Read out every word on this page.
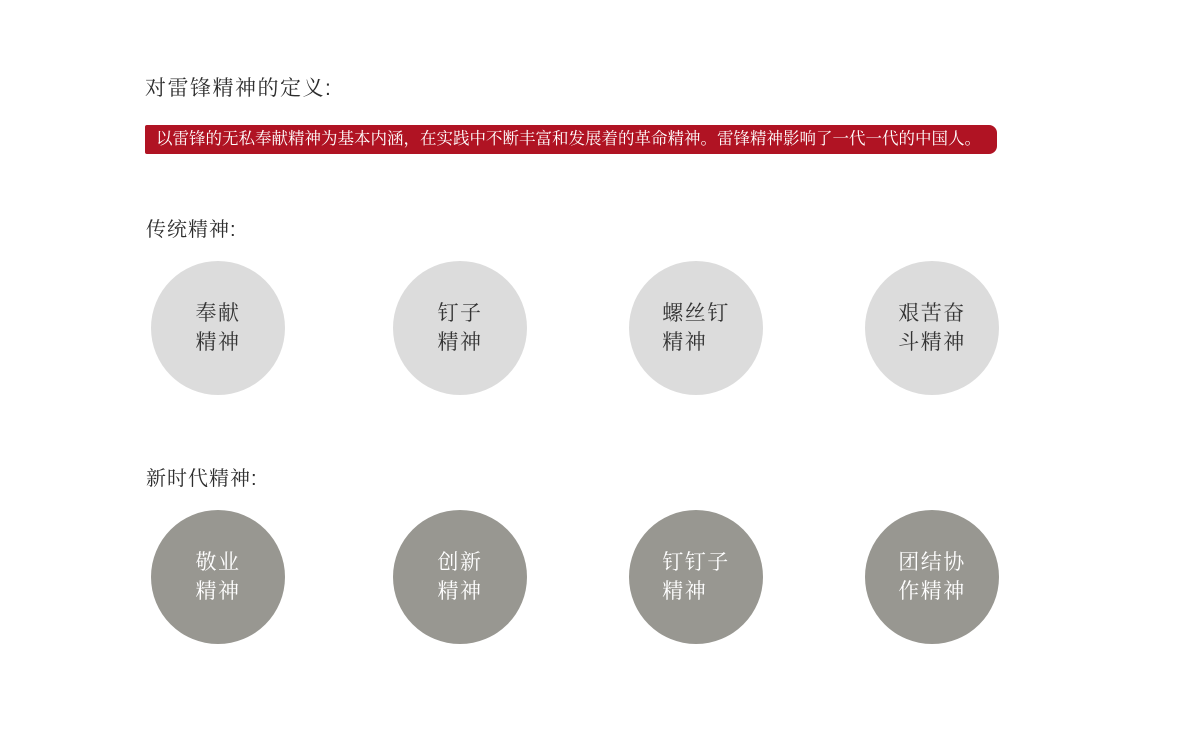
对雷锋精神的定义:
以雷锋的无私奉献精神为基本内涵，在实践中不断丰富和发展着的革命精神。雷锋精神影响了一代一代的中国人。
传统精神:
奉献
精神
钉子
精神
螺丝钉
精神
艰苦奋
斗精神
新时代精神:
敬业
精神
创新
精神
钉钉子
精神
团结协
作精神
